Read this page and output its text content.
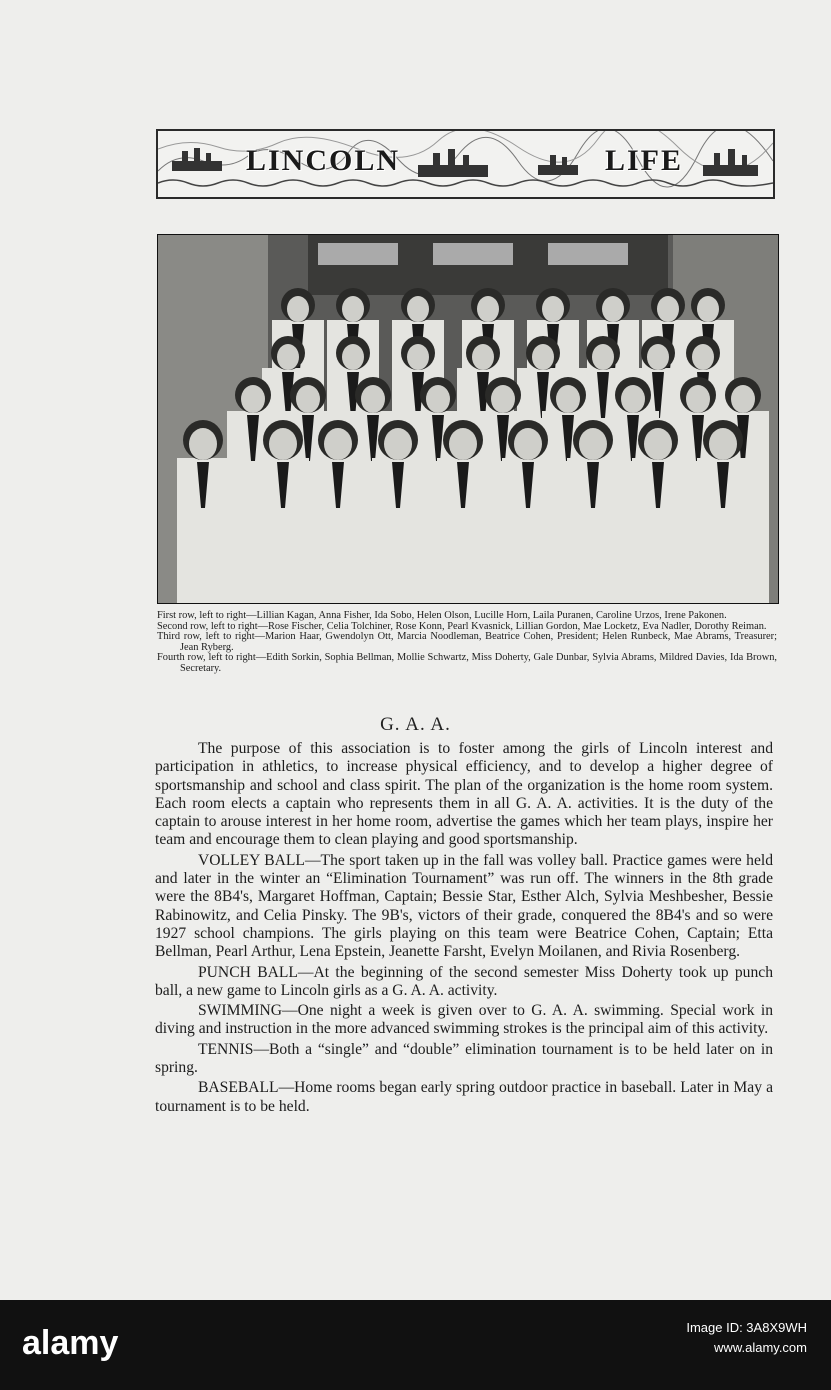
LINCOLN	LIFE

First row, left to right—Lillian Kagan, Anna Fisher, Ida Sobo, Helen Olson, Lucille Horn, Laila Puranen, Caroline Urzos, Irene Pakonen.

Second row, left to right—Rose Fischer, Celia Tolchiner, Rose Konn, Pearl Kvasnick, Lillian Gordon, Mae Locketz, Eva Nadler, Dorothy Reiman.

Third row, left to right—Marion Haar, Gwendolyn Ott, Marcia Noodleman, Beatrice Cohen, President; Helen Runbeck, Mae Abrams, Treasurer; Jean Ryberg.

Fourth row, left to right—Edith Sorkin, Sophia Bellman, Mollie Schwartz, Miss Doherty, Gale Dunbar, Sylvia Abrams, Mildred Davies, Ida Brown, Secretary.

G. A. A.

The purpose of this association is to foster among the girls of Lincoln interest and participation in athletics, to increase physical efficiency, and to develop a higher degree of sportsmanship and school and class spirit. The plan of the organization is the home room system. Each room elects a captain who represents them in all G. A. A. activities. It is the duty of the captain to arouse interest in her home room, advertise the games which her team plays, inspire her team and encourage them to clean playing and good sportsmanship.

VOLLEY BALL—The sport taken up in the fall was volley ball. Practice games were held and later in the winter an “Elimination Tournament” was run off. The winners in the 8th grade were the 8B4's, Margaret Hoffman, Captain; Bessie Star, Esther Alch, Sylvia Meshbesher, Bessie Rabinowitz, and Celia Pinsky. The 9B's, victors of their grade, conquered the 8B4's and so were 1927 school champions. The girls playing on this team were Beatrice Cohen, Captain; Etta Bellman, Pearl Arthur, Lena Epstein, Jeanette Farsht, Evelyn Moilanen, and Rivia Rosenberg.

PUNCH BALL—At the beginning of the second semester Miss Doherty took up punch ball, a new game to Lincoln girls as a G. A. A. activity.

SWIMMING—One night a week is given over to G. A. A. swimming. Special work in diving and instruction in the more advanced swimming strokes is the principal aim of this activity.

TENNIS—Both a “single” and “double” elimination tournament is to be held later on in spring.

BASEBALL—Home rooms began early spring outdoor practice in baseball. Later in May a tournament is to be held.

alamy	Image ID: 3A8X9WH
www.alamy.com
